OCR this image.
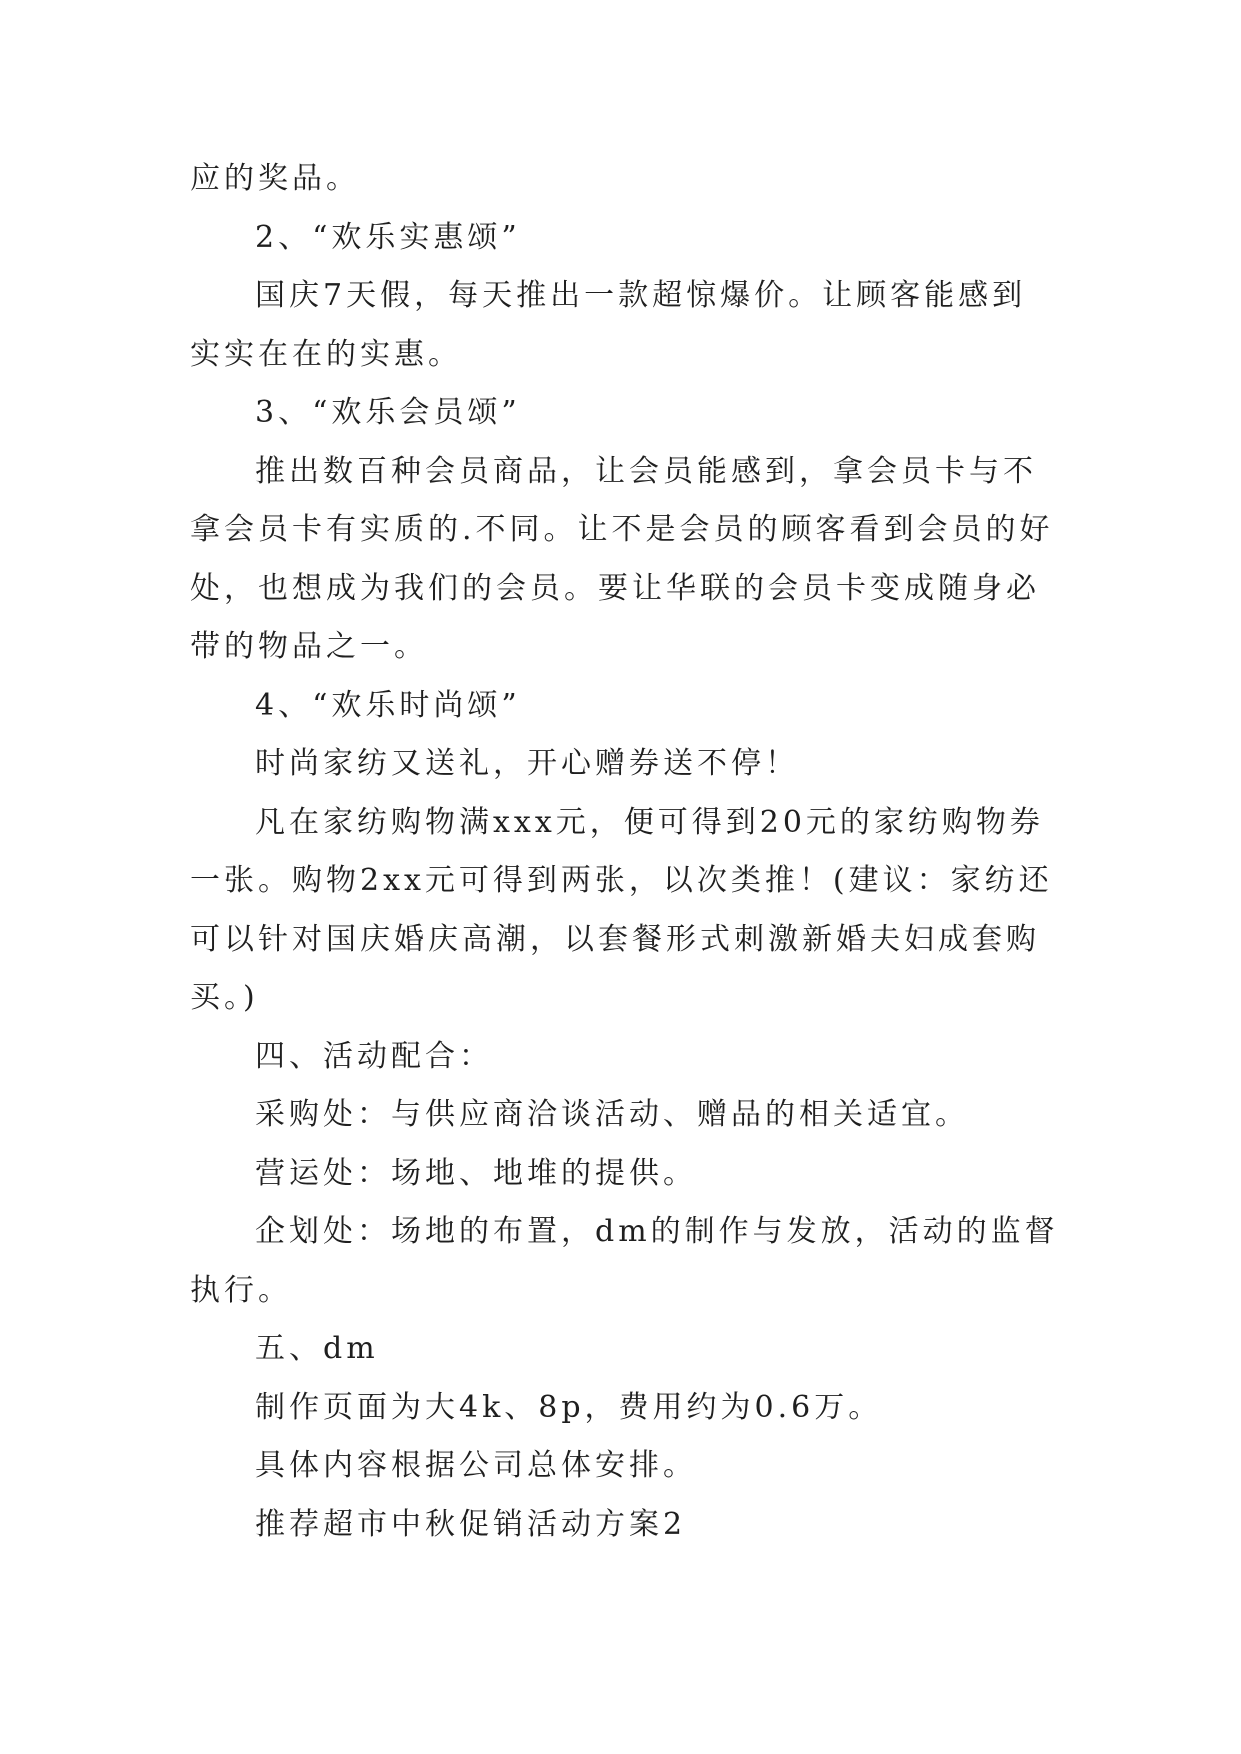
应的奖品。

2、“欢乐实惠颂”

国庆7天假，每天推出一款超惊爆价。让顾客能感到实实在在的实惠。

3、“欢乐会员颂”

推出数百种会员商品，让会员能感到，拿会员卡与不拿会员卡有实质的.不同。让不是会员的顾客看到会员的好处，也想成为我们的会员。要让华联的会员卡变成随身必带的物品之一。

4、“欢乐时尚颂”

时尚家纺又送礼，开心赠券送不停！

凡在家纺购物满xxx元，便可得到20元的家纺购物券一张。购物2xx元可得到两张，以次类推！(建议：家纺还可以针对国庆婚庆高潮，以套餐形式刺激新婚夫妇成套购买。)

四、活动配合：

采购处：与供应商洽谈活动、赠品的相关适宜。

营运处：场地、地堆的提供。

企划处：场地的布置，dm的制作与发放，活动的监督执行。

五、dm

制作页面为大4k、8p，费用约为0.6万。

具体内容根据公司总体安排。

推荐超市中秋促销活动方案2
